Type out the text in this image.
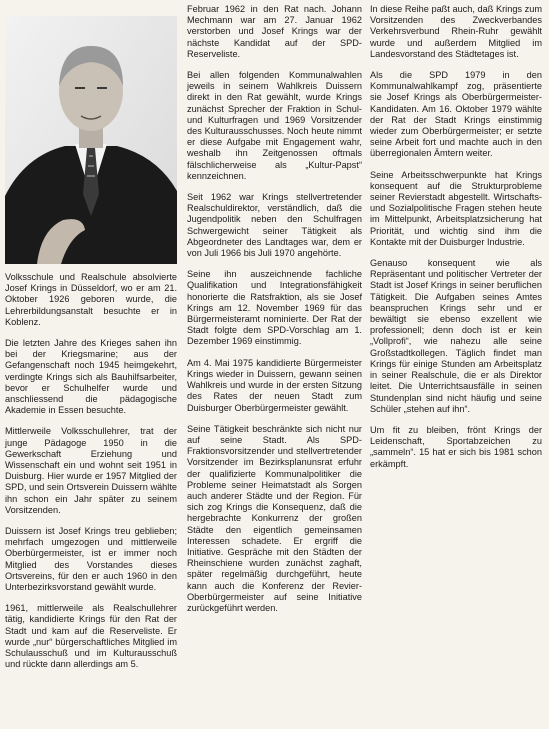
Volksschule und Realschule absolvierte Josef Krings in Düsseldorf, wo er am 21. Oktober 1926 geboren wurde, die Lehrerbildungsanstalt besuchte er in Koblenz.

Die letzten Jahre des Krieges sahen ihn bei der Kriegsmarine; aus der Gefangenschaft noch 1945 heimgekehrt, verdingte Krings sich als Bauhilfsarbeiter, bevor er Schulhelfer wurde und anschliessend die pädagogische Akademie in Essen besuchte.

Mittlerweile Volksschullehrer, trat der junge Pädagoge 1950 in die Gewerkschaft Erziehung und Wissenschaft ein und wohnt seit 1951 in Duisburg. Hier wurde er 1957 Mitglied der SPD, und sein Ortsverein Duissern wählte ihn schon ein Jahr später zu seinem Vorsitzenden.

Duissern ist Josef Krings treu geblieben; mehrfach umgezogen und mittlerweile Oberbürgermeister, ist er immer noch Mitglied des Vorstandes dieses Ortsvereins, für den er auch 1960 in den Unterbezirksvorstand gewählt wurde.

1961, mittlerweile als Realschullehrer tätig, kandidierte Krings für den Rat der Stadt und kam auf die Reserveliste. Er wurde „nur“ bürgerschaftliches Mitglied im Schulausschuß und im Kulturausschuß und rückte dann allerdings am 5.

Februar 1962 in den Rat nach. Johann Mechmann war am 27. Januar 1962 verstorben und Josef Krings war der nächste Kandidat auf der SPD-Reserveliste.

Bei allen folgenden Kommunalwahlen jeweils in seinem Wahlkreis Duissern direkt in den Rat gewählt, wurde Krings zunächst Sprecher der Fraktion in Schul- und Kulturfragen und 1969 Vorsitzender des Kulturausschusses. Noch heute nimmt er diese Aufgabe mit Engagement wahr, weshalb ihn Zeitgenossen oftmals fälschlicherweise als „Kultur-Papst“ kennzeichnen.

Seit 1962 war Krings stellvertretender Realschuldirektor, verständlich, daß die Jugendpolitik neben den Schulfragen Schwergewicht seiner Tätigkeit als Abgeordneter des Landtages war, dem er von Juli 1966 bis Juli 1970 angehörte.

Seine ihn auszeichnende fachliche Qualifikation und Integrationsfähigkeit honorierte die Ratsfraktion, als sie Josef Krings am 12. November 1969 für das Bürgermeisteramt nominierte. Der Rat der Stadt folgte dem SPD-Vorschlag am 1. Dezember 1969 einstimmig.

Am 4. Mai 1975 kandidierte Bürgermeister Krings wieder in Duissern, gewann seinen Wahlkreis und wurde in der ersten Sitzung des Rates der neuen Stadt zum Duisburger Oberbürgermeister gewählt.

Seine Tätigkeit beschränkte sich nicht nur auf seine Stadt. Als SPD-Fraktionsvorsitzender und stellvertretender Vorsitzender im Bezirksplanunsrat erfuhr der qualifizierte Kommunalpolitiker die Probleme seiner Heimatstadt als Sorgen auch anderer Städte und der Region. Für sich zog Krings die Konsequenz, daß die hergebrachte Konkurrenz der großen Städte den eigentlich gemeinsamen Interessen schadete. Er ergriff die Initiative. Gespräche mit den Städten der Rheinschiene wurden zunächst zaghaft, später regelmäßig durchgeführt, heute kann auch die Konferenz der Revier-Oberbürgermeister auf seine Initiative zurückgeführt werden.

In diese Reihe paßt auch, daß Krings zum Vorsitzenden des Zweckverbandes Verkehrsverbund Rhein-Ruhr gewählt wurde und außerdem Mitglied im Landesvorstand des Städtetages ist.

Als die SPD 1979 in den Kommunalwahlkampf zog, präsentierte sie Josef Krings als Oberbürgermeister-Kandidaten. Am 16. Oktober 1979 wählte der Rat der Stadt Krings einstimmig wieder zum Oberbürgermeister; er setzte seine Arbeit fort und machte auch in den überregionalen Ämtern weiter.

Seine Arbeitsschwerpunkte hat Krings konsequent auf die Strukturprobleme seiner Revierstadt abgestellt. Wirtschafts- und Sozialpolitische Fragen stehen heute im Mittelpunkt, Arbeitsplatzsicherung hat Priorität, und wichtig sind ihm die Kontakte mit der Duisburger Industrie.

Genauso konsequent wie als Repräsentant und politischer Vertreter der Stadt ist Josef Krings in seiner beruflichen Tätigkeit. Die Aufgaben seines Amtes beanspruchen Krings sehr und er bewältigt sie ebenso exzellent wie professionell; denn doch ist er kein „Vollprofi“, wie nahezu alle seine Großstadtkollegen. Täglich findet man Krings für einige Stunden am Arbeitsplatz in seiner Realschule, die er als Direktor leitet. Die Unterrichtsausfälle in seinen Stundenplan sind nicht häufig und seine Schüler „stehen auf ihn“.

Um fit zu bleiben, frönt Krings der Leidenschaft, Sportabzeichen zu „sammeln“. 15 hat er sich bis 1981 schon erkämpft.
